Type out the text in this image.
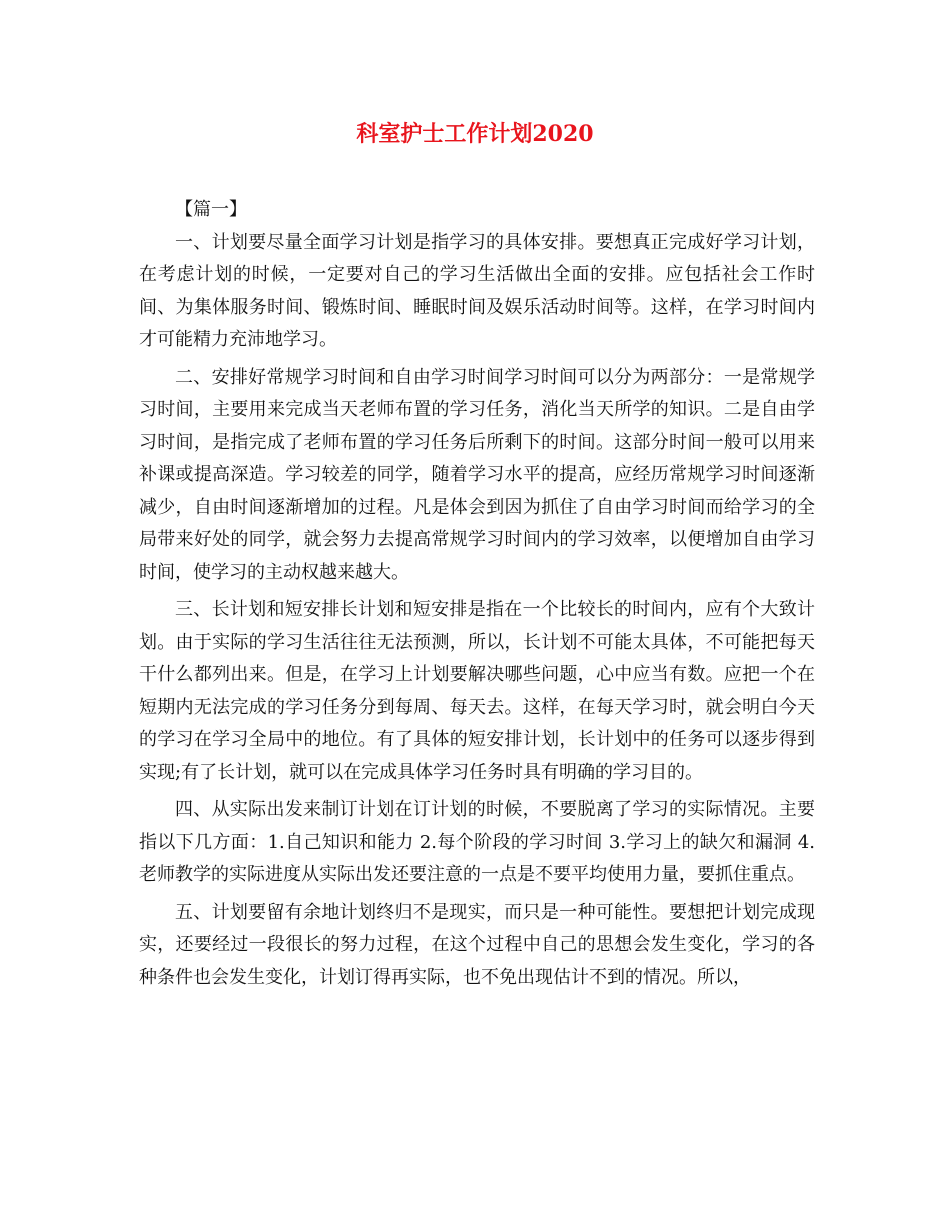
科室护士工作计划2020

【篇一】

一、计划要尽量全面学习计划是指学习的具体安排。要想真正完成好学习计划，在考虑计划的时候，一定要对自己的学习生活做出全面的安排。应包括社会工作时间、为集体服务时间、锻炼时间、睡眠时间及娱乐活动时间等。这样，在学习时间内才可能精力充沛地学习。

二、安排好常规学习时间和自由学习时间学习时间可以分为两部分：一是常规学习时间，主要用来完成当天老师布置的学习任务，消化当天所学的知识。二是自由学习时间，是指完成了老师布置的学习任务后所剩下的时间。这部分时间一般可以用来补课或提高深造。学习较差的同学，随着学习水平的提高，应经历常规学习时间逐渐减少，自由时间逐渐增加的过程。凡是体会到因为抓住了自由学习时间而给学习的全局带来好处的同学，就会努力去提高常规学习时间内的学习效率，以便增加自由学习时间，使学习的主动权越来越大。

三、长计划和短安排长计划和短安排是指在一个比较长的时间内，应有个大致计划。由于实际的学习生活往往无法预测，所以，长计划不可能太具体，不可能把每天干什么都列出来。但是，在学习上计划要解决哪些问题，心中应当有数。应把一个在短期内无法完成的学习任务分到每周、每天去。这样，在每天学习时，就会明白今天的学习在学习全局中的地位。有了具体的短安排计划，长计划中的任务可以逐步得到实现;有了长计划，就可以在完成具体学习任务时具有明确的学习目的。

四、从实际出发来制订计划在订计划的时候，不要脱离了学习的实际情况。主要指以下几方面：1.自己知识和能力 2.每个阶段的学习时间 3.学习上的缺欠和漏洞 4.老师教学的实际进度从实际出发还要注意的一点是不要平均使用力量，要抓住重点。

五、计划要留有余地计划终归不是现实，而只是一种可能性。要想把计划完成现实，还要经过一段很长的努力过程，在这个过程中自己的思想会发生变化，学习的各种条件也会发生变化，计划订得再实际，也不免出现估计不到的情况。所以，
